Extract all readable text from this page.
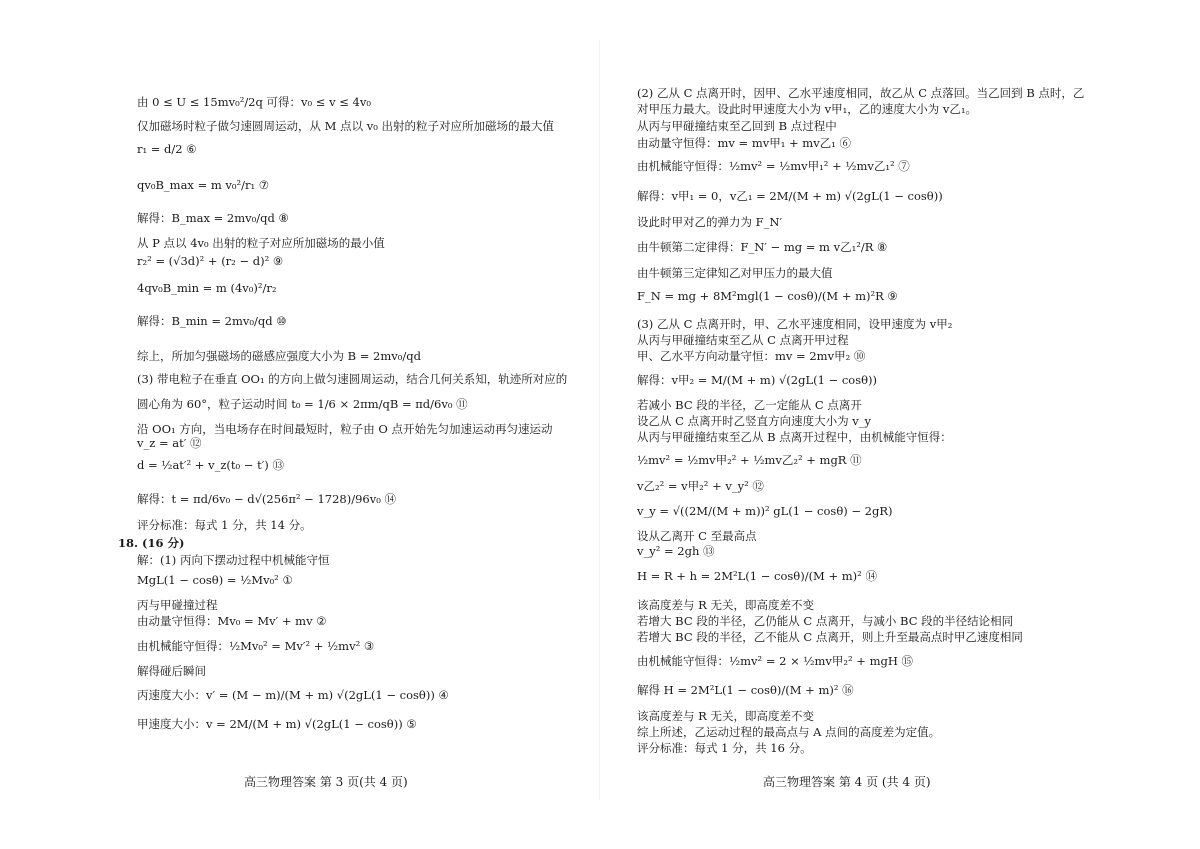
由 0 ≤ U ≤ 15mv₀²/2q 可得：v₀ ≤ v ≤ 4v₀
仅加磁场时粒子做匀速圆周运动，从 M 点以 v₀ 出射的粒子对应所加磁场的最大值
r₁ = d/2 ⑥
qv₀B_max = m v₀²/r₁ ⑦
解得：B_max = 2mv₀/qd ⑧
从 P 点以 4v₀ 出射的粒子对应所加磁场的最小值
r₂² = (√3d)² + (r₂ − d)² ⑨
4qv₀B_min = m (4v₀)²/r₂
解得：B_min = 2mv₀/qd ⑩
综上，所加匀强磁场的磁感应强度大小为 B = 2mv₀/qd
(3) 带电粒子在垂直 OO₁ 的方向上做匀速圆周运动，结合几何关系知，轨迹所对应的
圆心角为 60°，粒子运动时间 t₀ = 1/6 × 2πm/qB = πd/6v₀ ⑪
沿 OO₁ 方向，当电场存在时间最短时，粒子由 O 点开始先匀加速运动再匀速运动
v_z = at′ ⑫
d = ½at′² + v_z(t₀ − t′) ⑬
解得：t = πd/6v₀ − d√(256π² − 1728)/96v₀ ⑭
评分标准：每式 1 分，共 14 分。
18. (16 分)
解：(1) 丙向下摆动过程中机械能守恒
MgL(1 − cosθ) = ½Mv₀² ①
丙与甲碰撞过程
由动量守恒得：Mv₀ = Mv′ + mv ②
由机械能守恒得：½Mv₀² = Mv′² + ½mv² ③
解得碰后瞬间
丙速度大小：v′ = (M − m)/(M + m) √(2gL(1 − cosθ)) ④
甲速度大小：v = 2M/(M + m) √(2gL(1 − cosθ)) ⑤
高三物理答案 第 3 页(共 4 页)
(2) 乙从 C 点离开时，因甲、乙水平速度相同，故乙从 C 点落回。当乙回到 B 点时，乙
对甲压力最大。设此时甲速度大小为 v甲₁，乙的速度大小为 v乙₁。
从丙与甲碰撞结束至乙回到 B 点过程中
由动量守恒得：mv = mv甲₁ + mv乙₁ ⑥
由机械能守恒得：½mv² = ½mv甲₁² + ½mv乙₁² ⑦
解得：v甲₁ = 0，v乙₁ = 2M/(M + m) √(2gL(1 − cosθ))
设此时甲对乙的弹力为 F_N′
由牛顿第二定律得：F_N′ − mg = m v乙₁²/R ⑧
由牛顿第三定律知乙对甲压力的最大值
F_N = mg + 8M²mgl(1 − cosθ)/(M + m)²R ⑨
(3) 乙从 C 点离开时，甲、乙水平速度相同，设甲速度为 v甲₂
从丙与甲碰撞结束至乙从 C 点离开甲过程
甲、乙水平方向动量守恒：mv = 2mv甲₂ ⑩
解得：v甲₂ = M/(M + m) √(2gL(1 − cosθ))
若减小 BC 段的半径，乙一定能从 C 点离开
设乙从 C 点离开时乙竖直方向速度大小为 v_y
从丙与甲碰撞结束至乙从 B 点离开过程中，由机械能守恒得：
½mv² = ½mv甲₂² + ½mv乙₂² + mgR ⑪
v乙₂² = v甲₂² + v_y² ⑫
v_y = √((2M/(M + m))² gL(1 − cosθ) − 2gR)
设从乙离开 C 至最高点
v_y² = 2gh ⑬
H = R + h = 2M²L(1 − cosθ)/(M + m)² ⑭
该高度差与 R 无关，即高度差不变
若增大 BC 段的半径，乙仍能从 C 点离开，与减小 BC 段的半径结论相同
若增大 BC 段的半径，乙不能从 C 点离开，则上升至最高点时甲乙速度相同
由机械能守恒得：½mv² = 2 × ½mv甲₂² + mgH ⑮
解得 H = 2M²L(1 − cosθ)/(M + m)² ⑯
该高度差与 R 无关，即高度差不变
综上所述，乙运动过程的最高点与 A 点间的高度差为定值。
评分标准：每式 1 分，共 16 分。
高三物理答案 第 4 页 (共 4 页)
